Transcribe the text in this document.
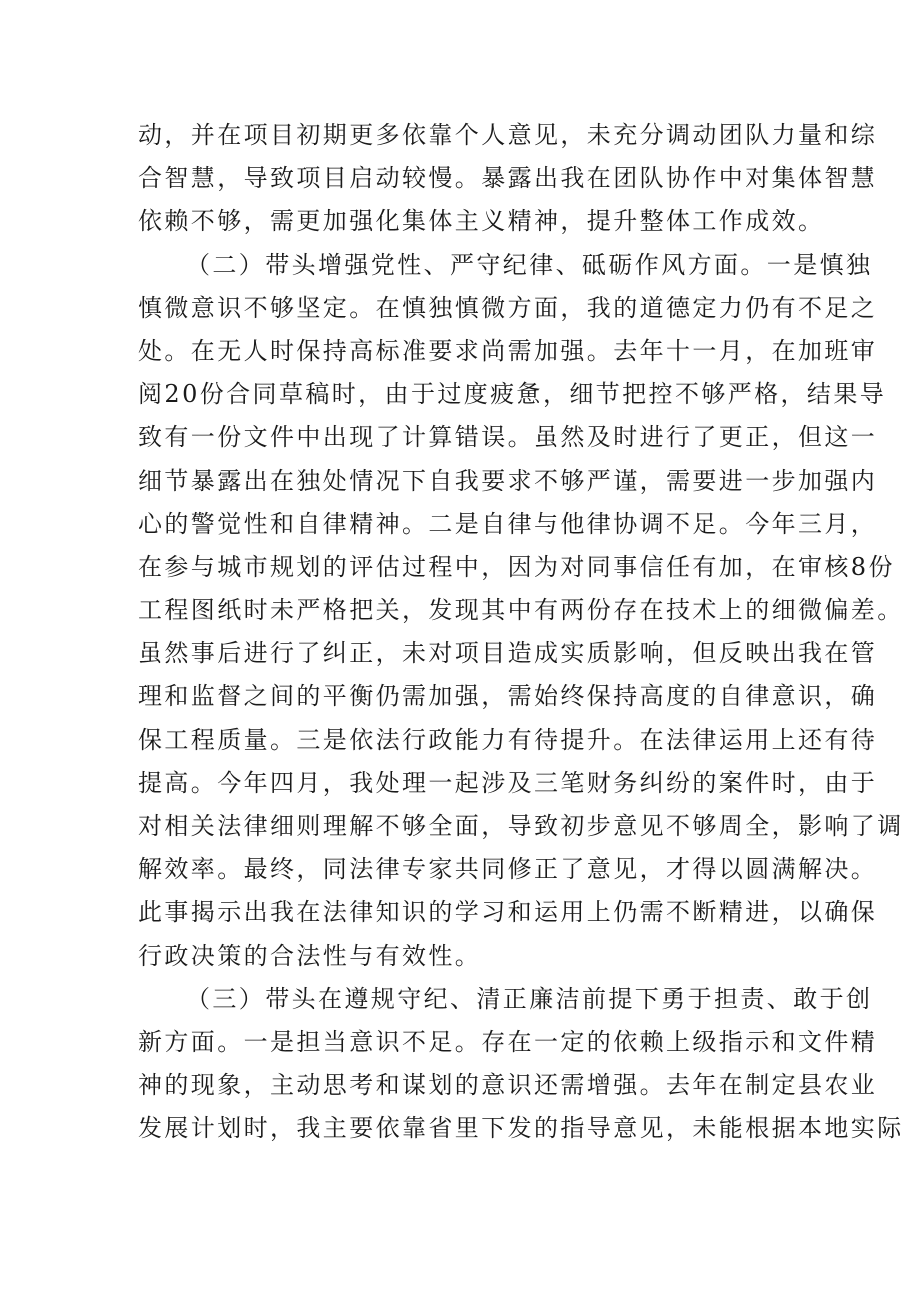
动，并在项目初期更多依靠个人意见，未充分调动团队力量和综
合智慧，导致项目启动较慢。暴露出我在团队协作中对集体智慧
依赖不够，需更加强化集体主义精神，提升整体工作成效。
（二）带头增强党性、严守纪律、砥砺作风方面。一是慎独
慎微意识不够坚定。在慎独慎微方面，我的道德定力仍有不足之
处。在无人时保持高标准要求尚需加强。去年十一月，在加班审
阅20份合同草稿时，由于过度疲惫，细节把控不够严格，结果导
致有一份文件中出现了计算错误。虽然及时进行了更正，但这一
细节暴露出在独处情况下自我要求不够严谨，需要进一步加强内
心的警觉性和自律精神。二是自律与他律协调不足。今年三月，
在参与城市规划的评估过程中，因为对同事信任有加，在审核8份
工程图纸时未严格把关，发现其中有两份存在技术上的细微偏差。
虽然事后进行了纠正，未对项目造成实质影响，但反映出我在管
理和监督之间的平衡仍需加强，需始终保持高度的自律意识，确
保工程质量。三是依法行政能力有待提升。在法律运用上还有待
提高。今年四月，我处理一起涉及三笔财务纠纷的案件时，由于
对相关法律细则理解不够全面，导致初步意见不够周全，影响了调
解效率。最终，同法律专家共同修正了意见，才得以圆满解决。
此事揭示出我在法律知识的学习和运用上仍需不断精进，以确保
行政决策的合法性与有效性。
（三）带头在遵规守纪、清正廉洁前提下勇于担责、敢于创
新方面。一是担当意识不足。存在一定的依赖上级指示和文件精
神的现象，主动思考和谋划的意识还需增强。去年在制定县农业
发展计划时，我主要依靠省里下发的指导意见，未能根据本地实际
